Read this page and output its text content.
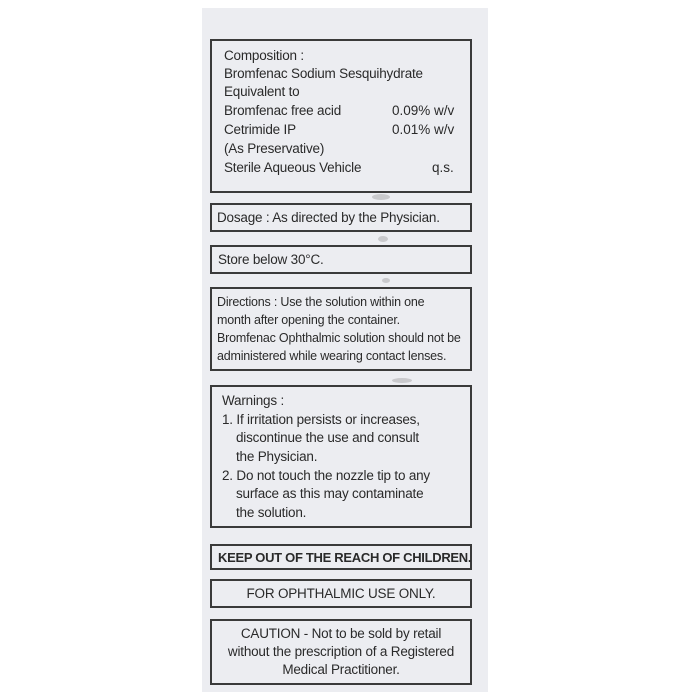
Composition :
Bromfenac Sodium Sesquihydrate
Equivalent to
Bromfenac free acid	0.09% w/v
Cetrimide IP	0.01% w/v
(As Preservative)
Sterile Aqueous Vehicle	q.s.
Dosage : As directed by the Physician.
Store below 30°C.
Directions : Use the solution within one
month after opening the container.
Bromfenac Ophthalmic solution should not be
administered while wearing contact lenses.
Warnings :
1. If irritation persists or increases,
discontinue the use and consult
the Physician.
2. Do not touch the nozzle tip to any
surface as this may contaminate
the solution.
KEEP OUT OF THE REACH OF CHILDREN.
FOR OPHTHALMIC USE ONLY.
CAUTION - Not to be sold by retail
without the prescription of a Registered
Medical Practitioner.
